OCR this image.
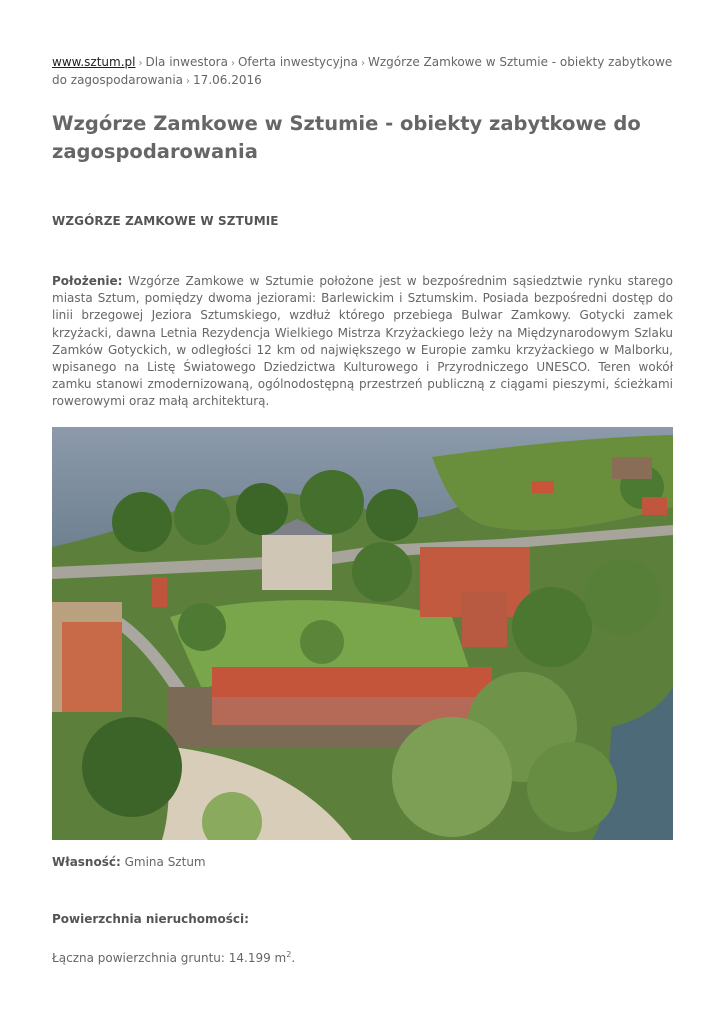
www.sztum.pl › Dla inwestora › Oferta inwestycyjna › Wzgórze Zamkowe w Sztumie - obiekty zabytkowe do zagospodarowania › 17.06.2016
Wzgórze Zamkowe w Sztumie - obiekty zabytkowe do zagospodarowania
WZGÓRZE ZAMKOWE W SZTUMIE

Położenie: Wzgórze Zamkowe w Sztumie położone jest w bezpośrednim sąsiedztwie rynku starego miasta Sztum, pomiędzy dwoma jeziorami: Barlewickim i Sztumskim. Posiada bezpośredni dostęp do linii brzegowej Jeziora Sztumskiego, wzdłuż którego przebiega Bulwar Zamkowy. Gotycki zamek krzyżacki, dawna Letnia Rezydencja Wielkiego Mistrza Krzyżackiego leży na Międzynarodowym Szlaku Zamków Gotyckich, w odległości 12 km od największego w Europie zamku krzyżackiego w Malborku, wpisanego na Listę Światowego Dziedzictwa Kulturowego i Przyrodniczego UNESCO. Teren wokół zamku stanowi zmodernizowaną, ogólnodostępną przestrzeń publiczną z ciągami pieszymi, ścieżkami rowerowymi oraz małą architekturą.

Własność: Gmina Sztum

Powierzchnia nieruchomości:

Łączna powierzchnia gruntu: 14.199 $m^2$.
